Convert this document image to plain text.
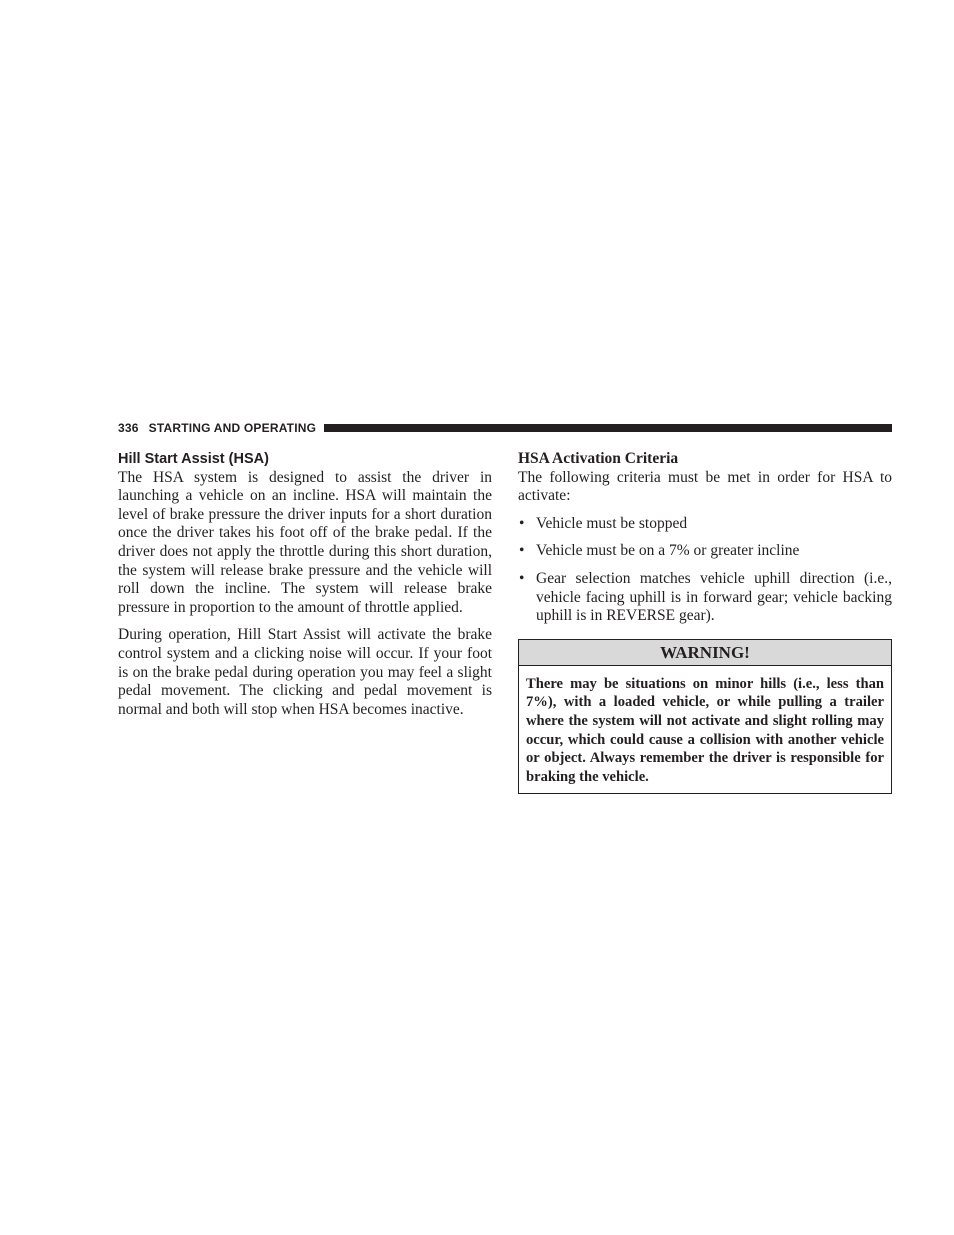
336 STARTING AND OPERATING
Hill Start Assist (HSA)

The HSA system is designed to assist the driver in launching a vehicle on an incline. HSA will maintain the level of brake pressure the driver inputs for a short duration once the driver takes his foot off of the brake pedal. If the driver does not apply the throttle during this short duration, the system will release brake pressure and the vehicle will roll down the incline. The system will release brake pressure in proportion to the amount of throttle applied.

During operation, Hill Start Assist will activate the brake control system and a clicking noise will occur. If your foot is on the brake pedal during operation you may feel a slight pedal movement. The clicking and pedal movement is normal and both will stop when HSA becomes inactive.

HSA Activation Criteria

The following criteria must be met in order for HSA to activate:

• Vehicle must be stopped
• Vehicle must be on a 7% or greater incline
• Gear selection matches vehicle uphill direction (i.e., vehicle facing uphill is in forward gear; vehicle backing uphill is in REVERSE gear).
WARNING!
There may be situations on minor hills (i.e., less than 7%), with a loaded vehicle, or while pulling a trailer where the system will not activate and slight rolling may occur, which could cause a collision with another vehicle or object. Always remember the driver is responsible for braking the vehicle.
